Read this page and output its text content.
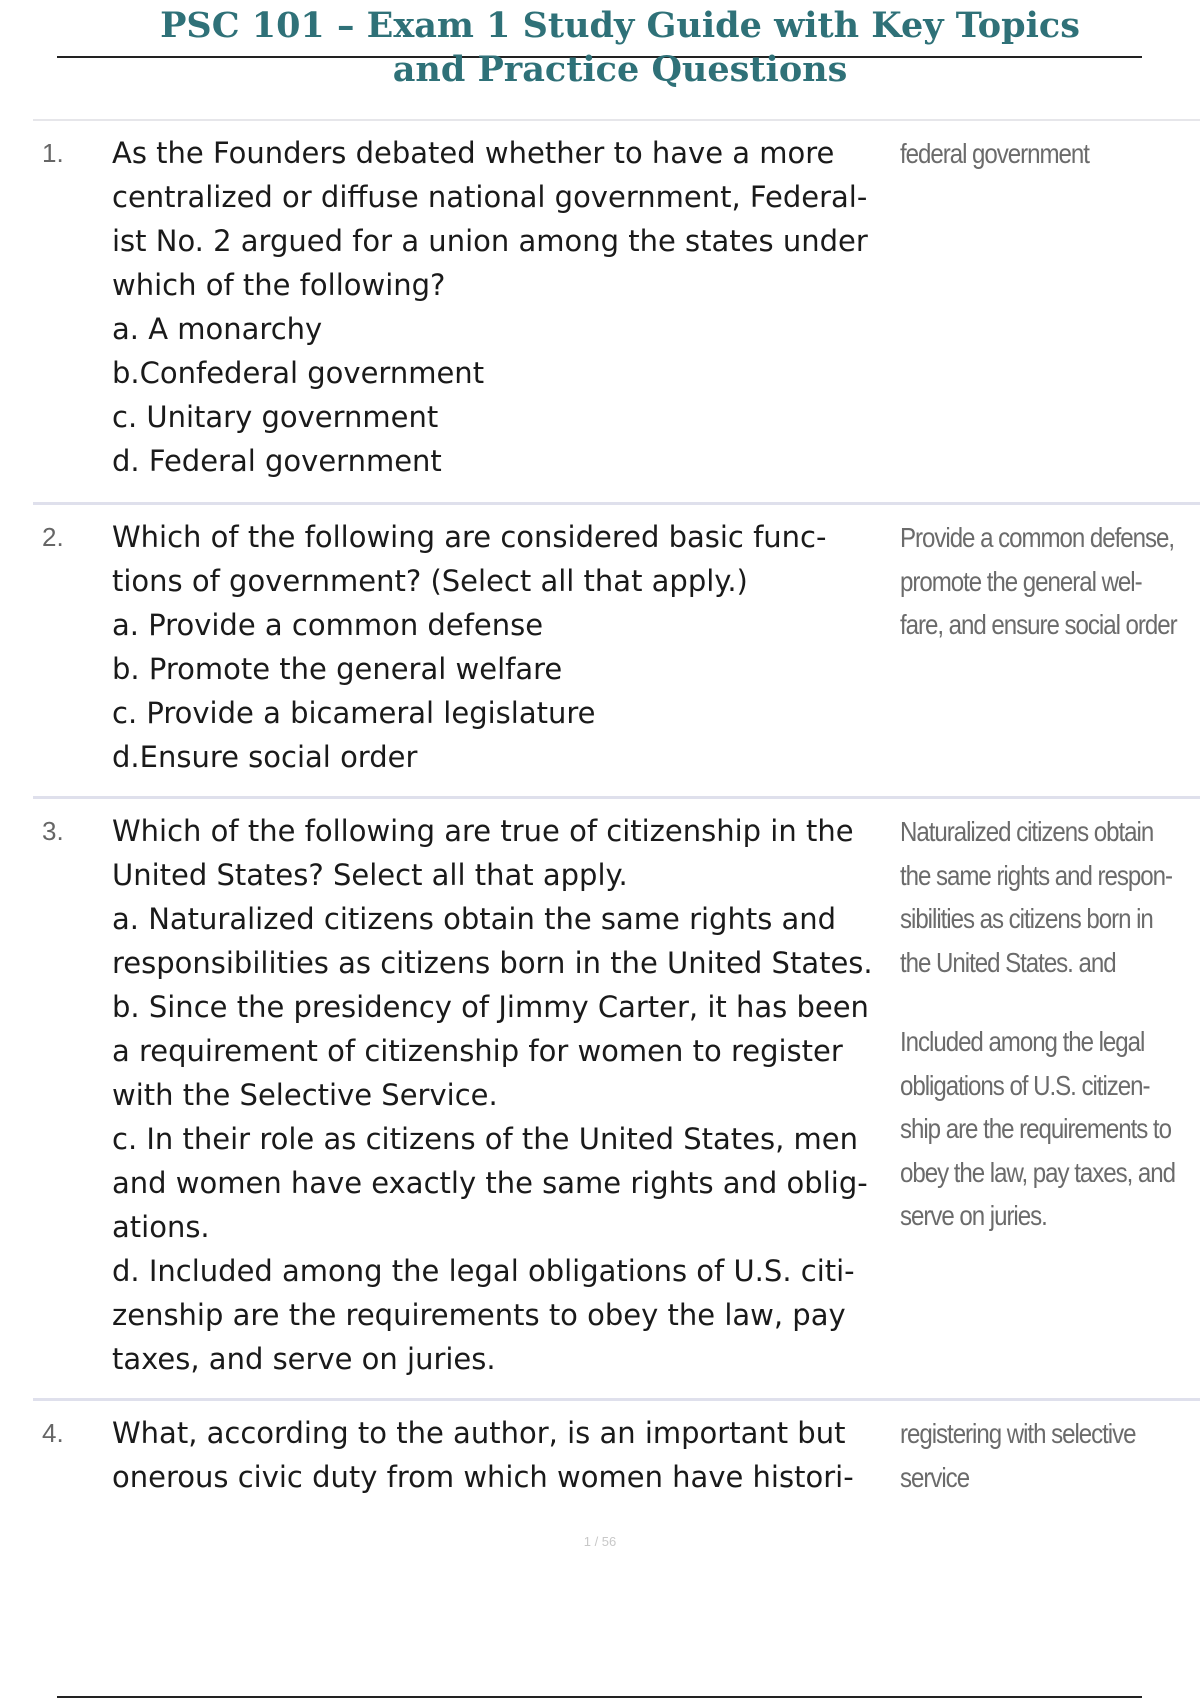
PSC 101 – Exam 1 Study Guide with Key Topics
and Practice Questions
1. As the Founders debated whether to have a more
centralized or diffuse national government, Federal-
ist No. 2 argued for a union among the states under
which of the following?
a. A monarchy
b.Confederal government
c. Unitary government
d. Federal government
federal government
2. Which of the following are considered basic func-
tions of government? (Select all that apply.)
a. Provide a common defense
b. Promote the general welfare
c. Provide a bicameral legislature
d.Ensure social order
Provide a common defense,
promote the general wel-
fare, and ensure social order
3. Which of the following are true of citizenship in the
United States? Select all that apply.
a. Naturalized citizens obtain the same rights and
responsibilities as citizens born in the United States.
b. Since the presidency of Jimmy Carter, it has been
a requirement of citizenship for women to register
with the Selective Service.
c. In their role as citizens of the United States, men
and women have exactly the same rights and oblig-
ations.
d. Included among the legal obligations of U.S. citi-
zenship are the requirements to obey the law, pay
taxes, and serve on juries.
Naturalized citizens obtain
the same rights and respon-
sibilities as citizens born in
the United States. and
Included among the legal
obligations of U.S. citizen-
ship are the requirements to
obey the law, pay taxes, and
serve on juries.
4. What, according to the author, is an important but
onerous civic duty from which women have histori-
registering with selective
service
1 / 56
